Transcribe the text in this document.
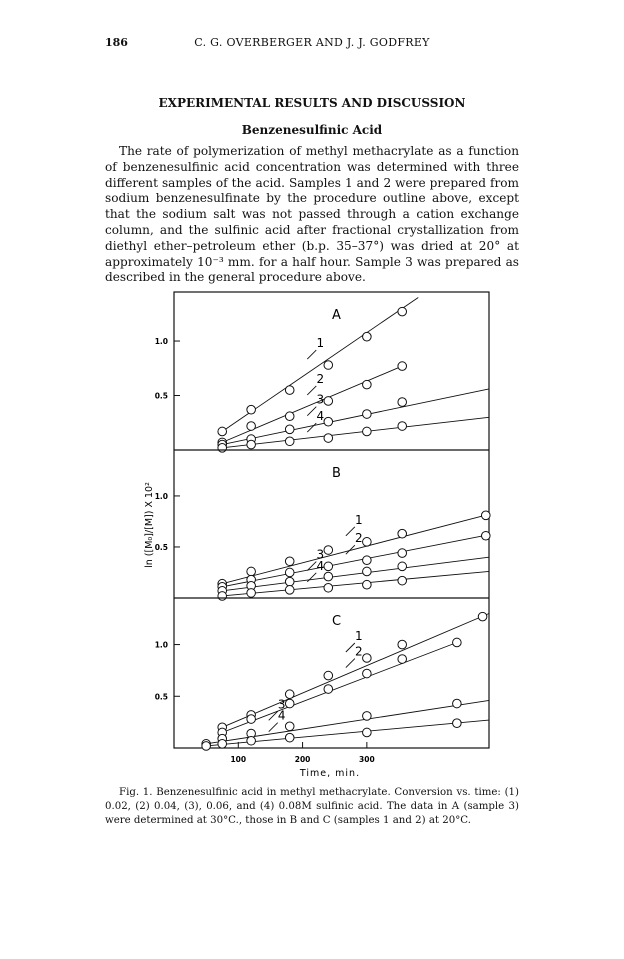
186	C. G. OVERBERGER AND J. J. GODFREY
EXPERIMENTAL RESULTS AND DISCUSSION
Benzenesulfinic Acid
The rate of polymerization of methyl methacrylate as a function of benzenesulfinic acid concentration was determined with three different samples of the acid. Samples 1 and 2 were prepared from sodium benzenesulfinate by the procedure outline above, except that the sodium salt was not passed through a cation exchange column, and the sulfinic acid after fractional crystallization from diethyl ether–petroleum ether (b.p. 35–37°) was dried at 20° at approximately 10⁻³ mm. for a half hour. Sample 3 was prepared as described in the general procedure above.
A
0.5
1.0	1
2
3
4
B
0.5
1.0
1
2
3
4
C
0.5
1.0
1
2
3
4
100	200	300
ln ([M₀]/[M]) X 10²
Time, min.
Fig. 1. Benzenesulfinic acid in methyl methacrylate. Conversion vs. time: (1) 0.02, (2) 0.04, (3), 0.06, and (4) 0.08M sulfinic acid. The data in A (sample 3) were determined at 30°C., those in B and C (samples 1 and 2) at 20°C.
